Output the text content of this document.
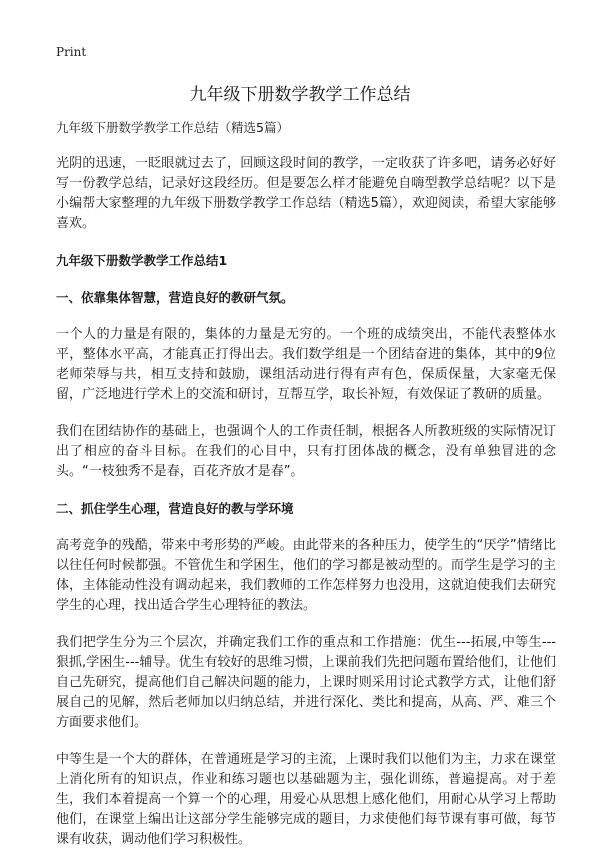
Print
九年级下册数学教学工作总结
九年级下册数学教学工作总结（精选5篇）

光阴的迅速，一眨眼就过去了，回顾这段时间的教学，一定收获了许多吧，请务必好好写一份教学总结，记录好这段经历。但是要怎么样才能避免自嗨型教学总结呢？以下是小编帮大家整理的九年级下册数学教学工作总结（精选5篇），欢迎阅读，希望大家能够喜欢。

九年级下册数学教学工作总结1
一、依靠集体智慧，营造良好的教研气氛。

一个人的力量是有限的，集体的力量是无穷的。一个班的成绩突出，不能代表整体水平，整体水平高，才能真正打得出去。我们数学组是一个团结奋进的集体，其中的9位老师荣辱与共，相互支持和鼓励，课组活动进行得有声有色，保质保量，大家毫无保留，广泛地进行学术上的交流和研讨，互帮互学，取长补短，有效保证了教研的质量。

我们在团结协作的基础上，也强调个人的工作责任制，根据各人所教班级的实际情况订出了相应的奋斗目标。在我们的心目中，只有打团体战的概念，没有单独冒进的念头。“一枝独秀不是春，百花齐放才是春”。

二、抓住学生心理，营造良好的教与学环境

高考竞争的残酷，带来中考形势的严峻。由此带来的各种压力，使学生的“厌学”情绪比以往任何时候都强。不管优生和学困生，他们的学习都是被动型的。而学生是学习的主体，主体能动性没有调动起来，我们教师的工作怎样努力也没用，这就迫使我们去研究学生的心理，找出适合学生心理特征的教法。

我们把学生分为三个层次，并确定我们工作的重点和工作措施：优生---拓展,中等生---狠抓,学困生---辅导。优生有较好的思维习惯，上课前我们先把问题布置给他们，让他们自己先研究，提高他们自己解决问题的能力，上课时则采用讨论式教学方式，让他们舒展自己的见解，然后老师加以归纳总结，并进行深化、类比和提高，从高、严、难三个方面要求他们。

中等生是一个大的群体，在普通班是学习的主流，上课时我们以他们为主，力求在课堂上消化所有的知识点，作业和练习题也以基础题为主，强化训练，普遍提高。对于差生，我们本着提高一个算一个的心理，用爱心从思想上感化他们，用耐心从学习上帮助他们，在课堂上编出让这部分学生能够完成的题目，力求使他们每节课有事可做，每节课有收获，调动他们学习积极性。
